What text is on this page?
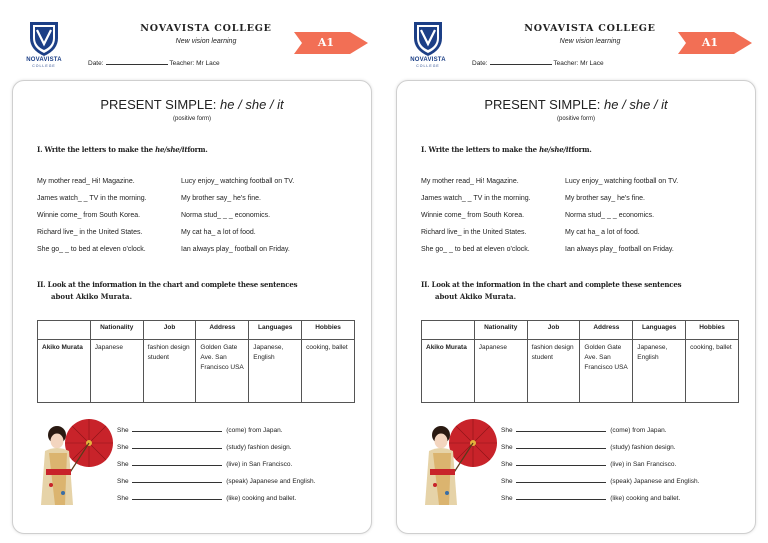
NOVAVISTA
COLLEGE
NOVAVISTA COLLEGE
New vision learning
Date:	Teacher: Mr Lace
A1
PRESENT SIMPLE: he / she / it
(positive form)
I. Write the letters to make the he/she/itform.
My mother read_ Hi! Magazine.
James watch_ _ TV in the morning.
Winnie come_ from South Korea.
Richard live_ in the United States.
She go_ _ to bed at eleven o'clock.
Lucy enjoy_ watching football on TV.
My brother say_ he's fine.
Norma stud_ _ _ economics.
My cat ha_ a lot of food.
Ian always play_ football on Friday.
II. Look at the information in the chart and complete these sentences
about Akiko Murata.
	Nationality	Job	Address	Languages	Hobbies
Akiko Murata	Japanese	fashion design student	Golden Gate Ave. San Francisco USA	Japanese, English	cooking, ballet
She	(come) from Japan.
She	(study) fashion design.
She	(live) in San Francisco.
She	(speak) Japanese and English.
She	(like) cooking and ballet.
NOVAVISTA
COLLEGE
NOVAVISTA COLLEGE
New vision learning
Date:	Teacher: Mr Lace
A1
PRESENT SIMPLE: he / she / it
(positive form)
I. Write the letters to make the he/she/itform.
My mother read_ Hi! Magazine.
James watch_ _ TV in the morning.
Winnie come_ from South Korea.
Richard live_ in the United States.
She go_ _ to bed at eleven o'clock.
Lucy enjoy_ watching football on TV.
My brother say_ he's fine.
Norma stud_ _ _ economics.
My cat ha_ a lot of food.
Ian always play_ football on Friday.
II. Look at the information in the chart and complete these sentences
about Akiko Murata.
	Nationality	Job	Address	Languages	Hobbies
Akiko Murata	Japanese	fashion design student	Golden Gate Ave. San Francisco USA	Japanese, English	cooking, ballet
She	(come) from Japan.
She	(study) fashion design.
She	(live) in San Francisco.
She	(speak) Japanese and English.
She	(like) cooking and ballet.
